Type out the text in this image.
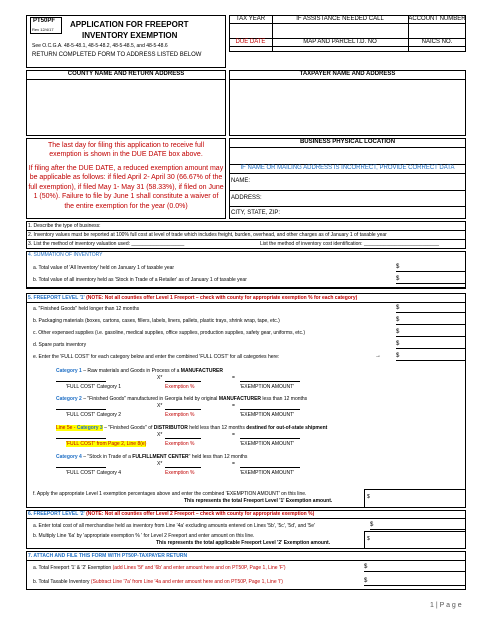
PT50PF
Rev 12/4/17
APPLICATION FOR FREEPORT
INVENTORY EXEMPTION
See O.C.G.A. 48-5-48.1, 48-5-48.2, 48-5-48.5, and 48-5-48.6
RETURN COMPLETED FORM TO ADDRESS LISTED BELOW
TAX YEAR	IF ASSISTANCE NEEDED CALL	ACCOUNT NUMBER
DUE DATE	MAP AND PARCEL I.D. NO	NAICS NO.
COUNTY NAME AND RETURN ADDRESS	TAXPAYER NAME AND ADDRESS
The last day for filing this application to receive full exemption is shown in the DUE DATE box above.
If filing after the DUE DATE, a reduced exemption amount may be applicable as follows: if filed April 2- April 30 (66.67% of the full exemption), if filed May 1- May 31 (58.33%), if filed on June 1 (50%). Failure to file by June 1 shall constitute a waiver of the entire exemption for the year (0.0%)
BUSINESS PHYSICAL LOCATION
IF NAME OR MAILING ADDRESS IS INCORRECT, PROVIDE CORRECT DATA
NAME:
ADDRESS:
CITY, STATE, ZIP:
1. Describe the type of business:
2. Inventory values must be reported at 100% full cost at level of trade which includes freight, burden, overhead, and other charges as of January 1 of taxable year
3. List the method of inventory valuation used: ___________________	List the method of inventory cost identification: ___________________________
4. SUMMATION OF INVENTORY
a. Total value of 'All Inventory' held on January 1 of taxable year	$
b. Total value of all inventory held as 'Stock in Trade of a Retailer' as of January 1 of taxable year	$
5. FREEPORT LEVEL '1' (NOTE: Not all counties offer Level 1 Freeport – check with county for appropriate exemption % for each category)
a. "Finished Goods" held longer than 12 months	$
b. Packaging materials (boxes, cartons, cases, fillers, labels, liners, pallets, plastic trays, shrink wrap, tape, etc.)	$
c. Other expensed supplies (i.e. gasoline, medical supplies, office supplies, production supplies, safety gear, uniforms, etc.)	$
d. Spare parts inventory	$
e. Enter the 'FULL COST' for each category below and enter the combined 'FULL COST' for all categories here:	→	$
Category 1 – Raw materials and Goods in Process of a MANUFACTURER
X*	=
'FULL COST' Category 1	Exemption %	'EXEMPTION AMOUNT'
Category 2 – "Finished Goods" manufactured in Georgia held by original MANUFACTURER less than 12 months
X*	=
'FULL COST' Category 2	Exemption %	'EXEMPTION AMOUNT'
Line 5e - Category 3 – "Finished Goods" of DISTRIBUTOR held less than 12 months destined for out-of-state shipment
X*	=
'FULL COST' from Page 2, Line 8(e)	Exemption %	'EXEMPTION AMOUNT'
Category 4 – "Stock in Trade of a FULFILLMENT CENTER" held less than 12 months
X*	=
'FULL COST' Category 4	Exemption %	'EXEMPTION AMOUNT'
f. Apply the appropriate Level 1 exemption percentages above and enter the combined 'EXEMPTION AMOUNT' on this line.
This represents the total Freeport Level '1' Exemption amount.
$
6. FREEPORT LEVEL '2' (NOTE: Not all counties offer Level 2 Freeport – check with county for appropriate exemption %)
a. Enter total cost of all merchandise held as inventory from Line '4a' excluding amounts entered on Lines '5b', '5c', '5d', and '5e'	$
b. Multiply Line '6a' by 'appropriate exemption % ' for Level 2 Freeport and enter amount on this line.
This represents the total applicable Freeport Level '2' Exemption amount.
$
7. ATTACH AND FILE THIS FORM WITH PT50P-TAXPAYER RETURN
a. Total Freeport '1' & '2' Exemption (add Lines '5f' and '6b' and enter amount here and on PT50P, Page 1, Line 'F')	$
b. Total Taxable Inventory (Subtract Line '7a' from Line '4a and enter amount here and on PT50P, Page 1, Line 'I')	$
1 | P a g e
